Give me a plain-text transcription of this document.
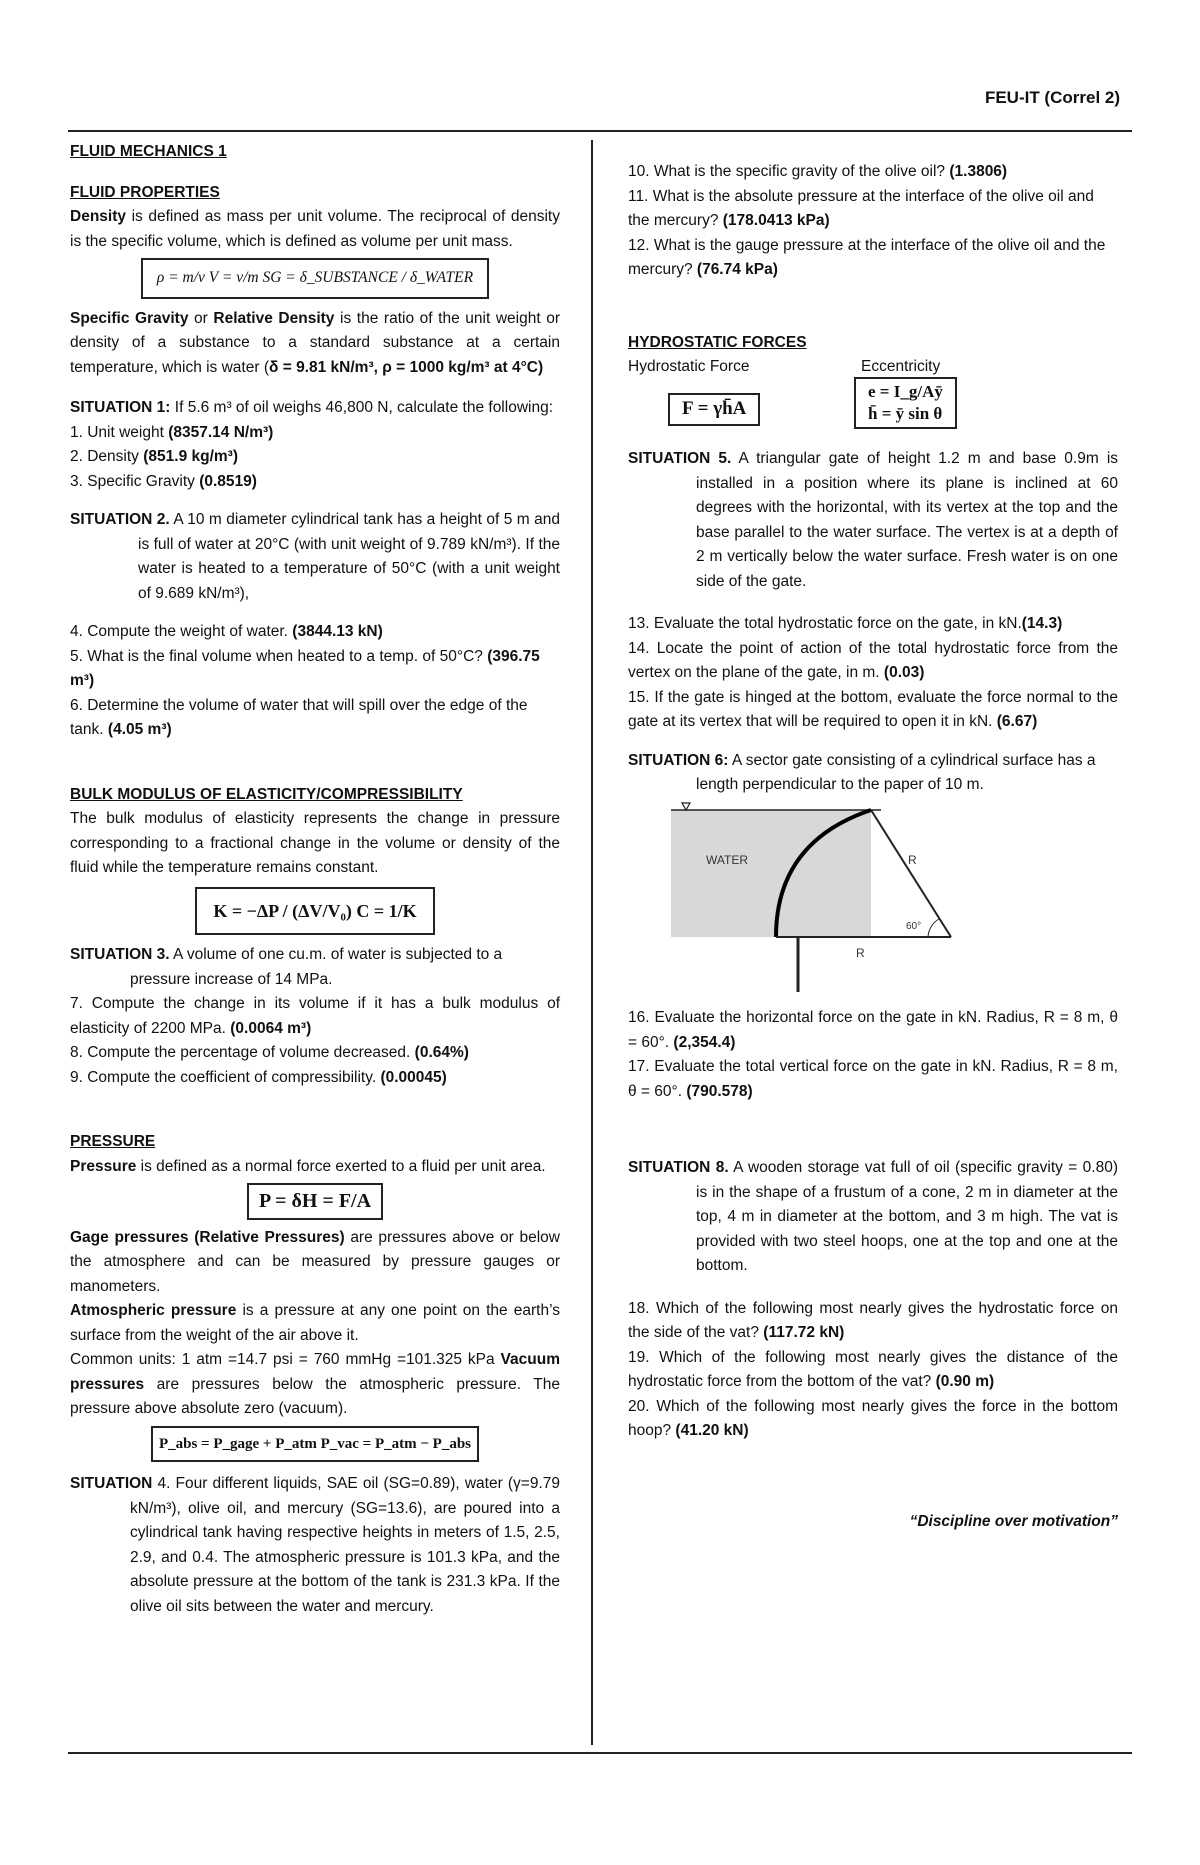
FEU-IT (Correl 2)

FLUID MECHANICS 1

FLUID PROPERTIES

Density is defined as mass per unit volume. The reciprocal of density is the specific volume, which is defined as volume per unit mass.

ρ = m/v V = v/m SG = δ_SUBSTANCE / δ_WATER

Specific Gravity or Relative Density is the ratio of the unit weight or density of a substance to a standard substance at a certain temperature, which is water (δ = 9.81 kN/m³, ρ = 1000 kg/m³ at 4°C)

SITUATION 1: If 5.6 m³ of oil weighs 46,800 N, calculate the following:

1. Unit weight (8357.14 N/m³)

2. Density (851.9 kg/m³)

3. Specific Gravity (0.8519)

SITUATION 2. A 10 m diameter cylindrical tank has a height of 5 m and is full of water at 20°C (with unit weight of 9.789 kN/m³). If the water is heated to a temperature of 50°C (with a unit weight of 9.689 kN/m³),

4. Compute the weight of water. (3844.13 kN)

5. What is the final volume when heated to a temp. of 50°C? (396.75 m³)

6. Determine the volume of water that will spill over the edge of the tank. (4.05 m³)

BULK MODULUS OF ELASTICITY/COMPRESSIBILITY

The bulk modulus of elasticity represents the change in pressure corresponding to a fractional change in the volume or density of the fluid while the temperature remains constant.

K = −ΔP / (ΔV/V₀) C = 1/K

SITUATION 3. A volume of one cu.m. of water is subjected to a pressure increase of 14 MPa.

7. Compute the change in its volume if it has a bulk modulus of elasticity of 2200 MPa. (0.0064 m³)

8. Compute the percentage of volume decreased. (0.64%)

9. Compute the coefficient of compressibility. (0.00045)

PRESSURE

Pressure is defined as a normal force exerted to a fluid per unit area.

P = δH = F/A

Gage pressures (Relative Pressures) are pressures above or below the atmosphere and can be measured by pressure gauges or manometers.

Atmospheric pressure is a pressure at any one point on the earth’s surface from the weight of the air above it.

Common units: 1 atm =14.7 psi = 760 mmHg =101.325 kPa Vacuum pressures are pressures below the atmospheric pressure. The pressure above absolute zero (vacuum).

P_abs = P_gage + P_atm P_vac = P_atm − P_abs

SITUATION 4. Four different liquids, SAE oil (SG=0.89), water (γ=9.79 kN/m³), olive oil, and mercury (SG=13.6), are poured into a cylindrical tank having respective heights in meters of 1.5, 2.5, 2.9, and 0.4. The atmospheric pressure is 101.3 kPa, and the absolute pressure at the bottom of the tank is 231.3 kPa. If the olive oil sits between the water and mercury.

10. What is the specific gravity of the olive oil? (1.3806)

11. What is the absolute pressure at the interface of the olive oil and the mercury? (178.0413 kPa)

12. What is the gauge pressure at the interface of the olive oil and the mercury? (76.74 kPa)

HYDROSTATIC FORCES

Hydrostatic Force	Eccentricity
F = γh̄A
e = I_g/Aȳ
h̄ = ȳ sin θ

SITUATION 5. A triangular gate of height 1.2 m and base 0.9m is installed in a position where its plane is inclined at 60 degrees with the horizontal, with its vertex at the top and the base parallel to the water surface. The vertex is at a depth of 2 m vertically below the water surface. Fresh water is on one side of the gate.

13. Evaluate the total hydrostatic force on the gate, in kN.(14.3)

14. Locate the point of action of the total hydrostatic force from the vertex on the plane of the gate, in m. (0.03)

15. If the gate is hinged at the bottom, evaluate the force normal to the gate at its vertex that will be required to open it in kN. (6.67)

SITUATION 6: A sector gate consisting of a cylindrical surface has a length perpendicular to the paper of 10 m.

WATER	R
R
60°

16. Evaluate the horizontal force on the gate in kN. Radius, R = 8 m, θ = 60°. (2,354.4)

17. Evaluate the total vertical force on the gate in kN. Radius, R = 8 m, θ = 60°. (790.578)

SITUATION 8. A wooden storage vat full of oil (specific gravity = 0.80) is in the shape of a frustum of a cone, 2 m in diameter at the top, 4 m in diameter at the bottom, and 3 m high. The vat is provided with two steel hoops, one at the top and one at the bottom.

18. Which of the following most nearly gives the hydrostatic force on the side of the vat? (117.72 kN)

19. Which of the following most nearly gives the distance of the hydrostatic force from the bottom of the vat? (0.90 m)

20. Which of the following most nearly gives the force in the bottom hoop? (41.20 kN)

“Discipline over motivation”
